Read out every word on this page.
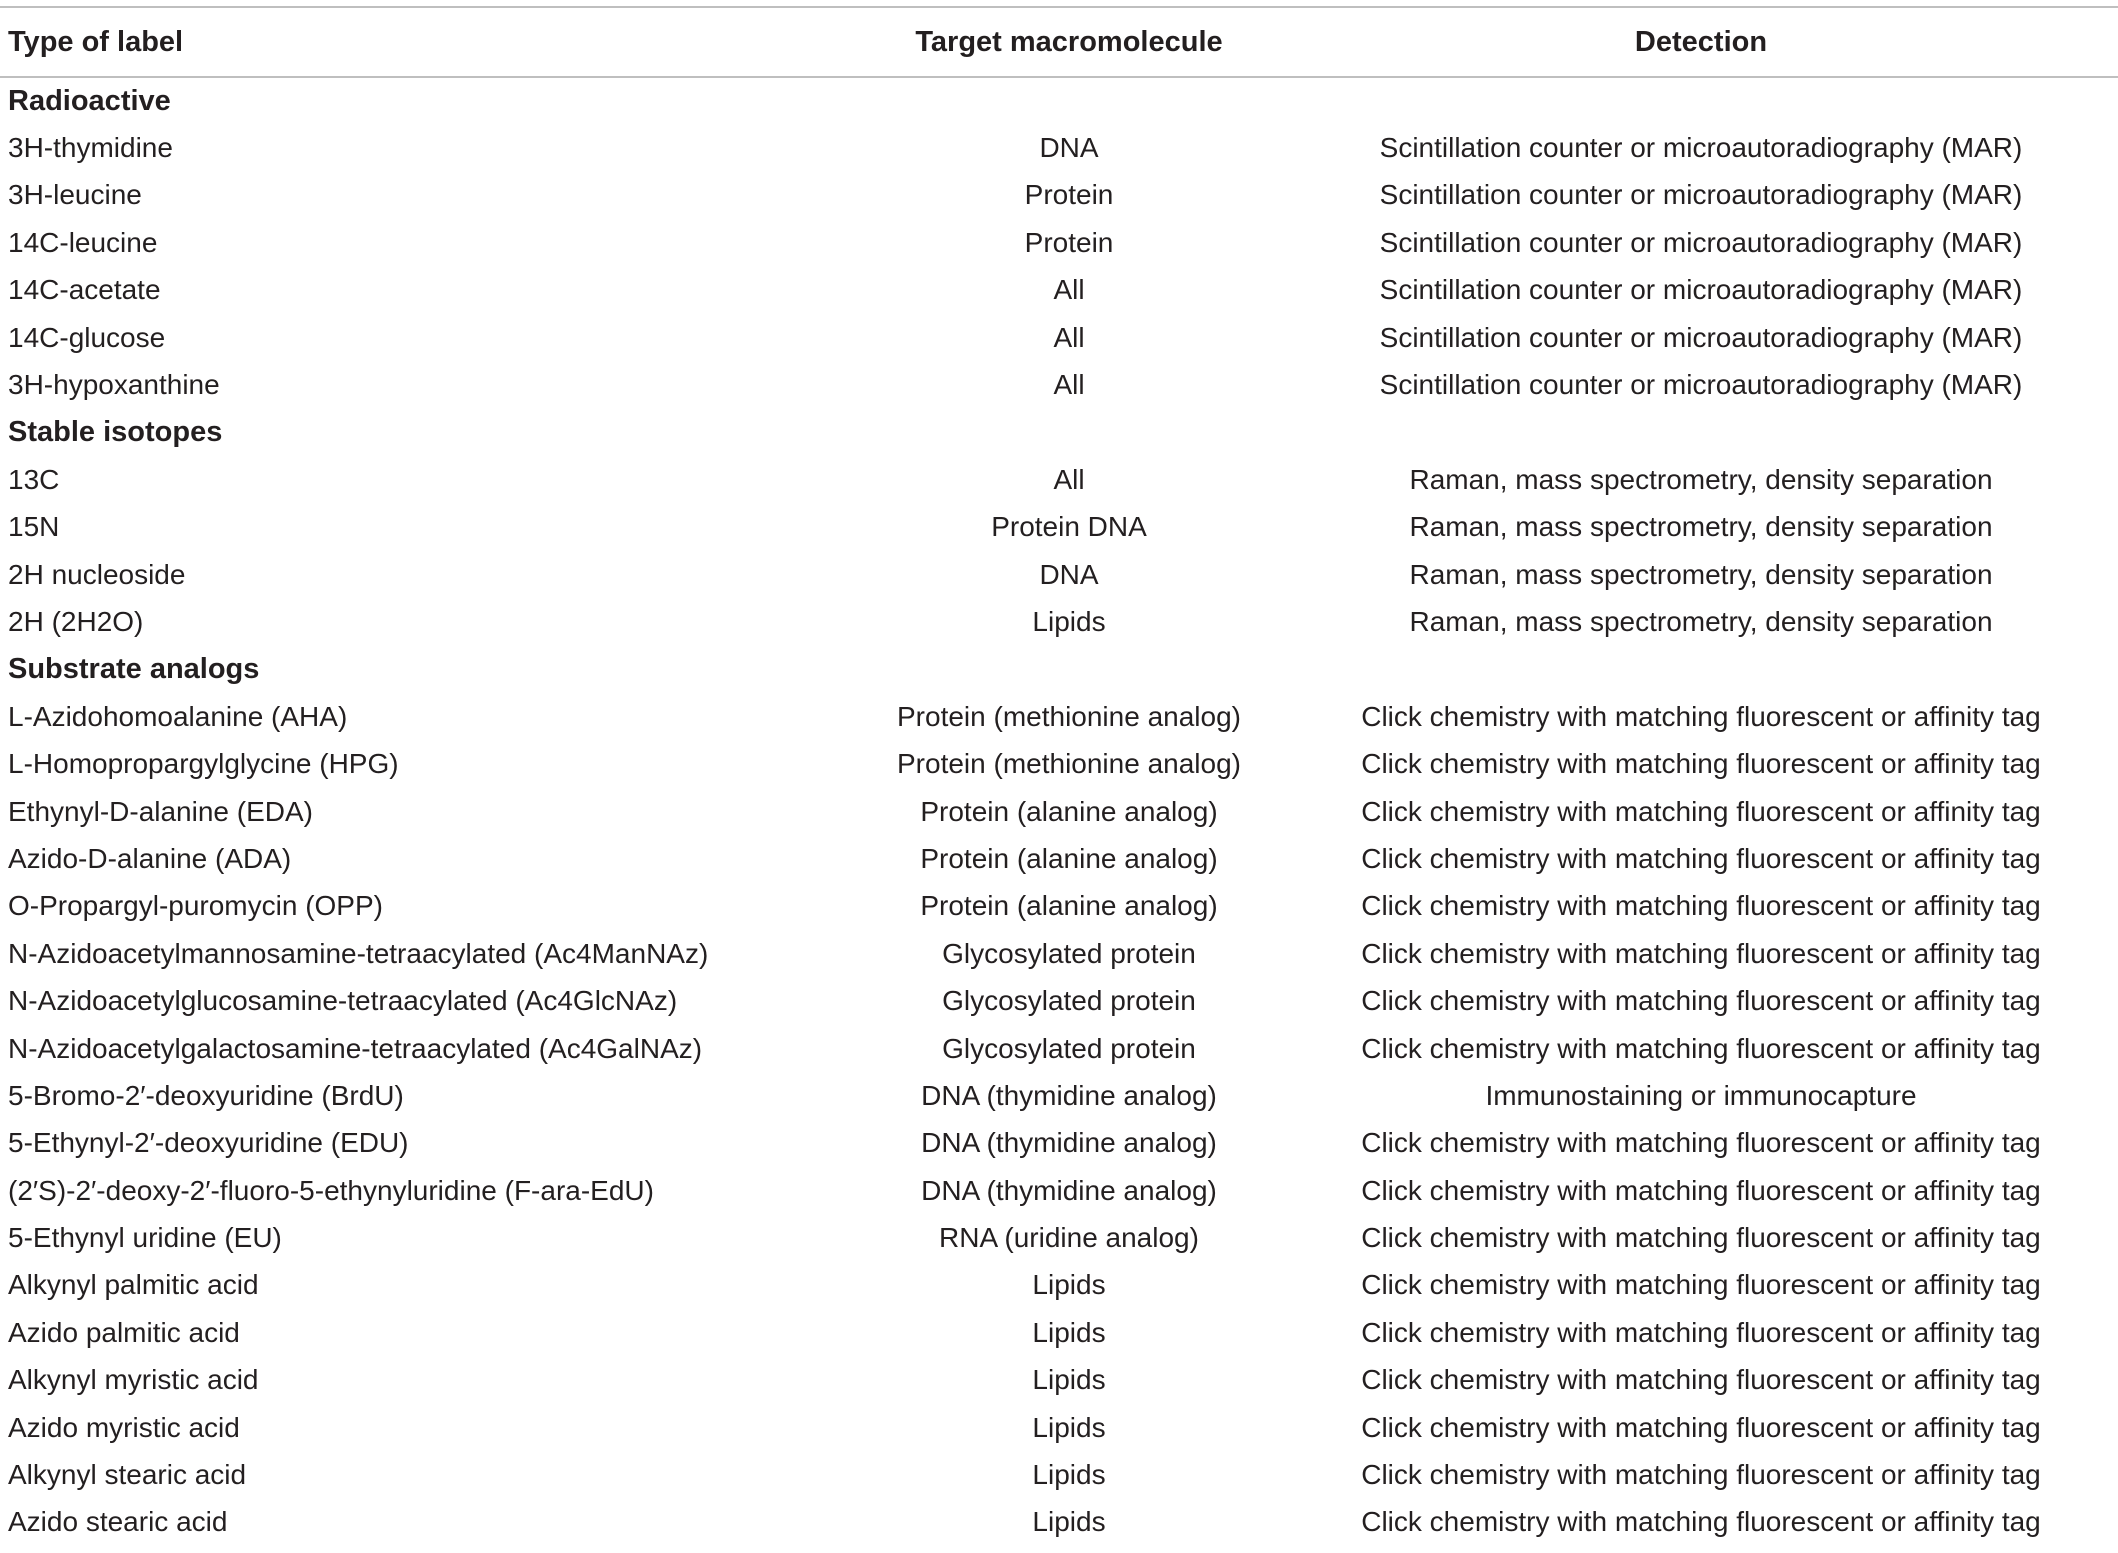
Type of label	Target macromolecule	Detection
Radioactive		
3H-thymidine	DNA	Scintillation counter or microautoradiography (MAR)
3H-leucine	Protein	Scintillation counter or microautoradiography (MAR)
14C-leucine	Protein	Scintillation counter or microautoradiography (MAR)
14C-acetate	All	Scintillation counter or microautoradiography (MAR)
14C-glucose	All	Scintillation counter or microautoradiography (MAR)
3H-hypoxanthine	All	Scintillation counter or microautoradiography (MAR)
Stable isotopes		
13C	All	Raman, mass spectrometry, density separation
15N	Protein DNA	Raman, mass spectrometry, density separation
2H nucleoside	DNA	Raman, mass spectrometry, density separation
2H (2H2O)	Lipids	Raman, mass spectrometry, density separation
Substrate analogs		
L-Azidohomoalanine (AHA)	Protein (methionine analog)	Click chemistry with matching fluorescent or affinity tag
L-Homopropargylglycine (HPG)	Protein (methionine analog)	Click chemistry with matching fluorescent or affinity tag
Ethynyl-D-alanine (EDA)	Protein (alanine analog)	Click chemistry with matching fluorescent or affinity tag
Azido-D-alanine (ADA)	Protein (alanine analog)	Click chemistry with matching fluorescent or affinity tag
O-Propargyl-puromycin (OPP)	Protein (alanine analog)	Click chemistry with matching fluorescent or affinity tag
N-Azidoacetylmannosamine-tetraacylated (Ac4ManNAz)	Glycosylated protein	Click chemistry with matching fluorescent or affinity tag
N-Azidoacetylglucosamine-tetraacylated (Ac4GlcNAz)	Glycosylated protein	Click chemistry with matching fluorescent or affinity tag
N-Azidoacetylgalactosamine-tetraacylated (Ac4GalNAz)	Glycosylated protein	Click chemistry with matching fluorescent or affinity tag
5-Bromo-2′-deoxyuridine (BrdU)	DNA (thymidine analog)	Immunostaining or immunocapture
5-Ethynyl-2′-deoxyuridine (EDU)	DNA (thymidine analog)	Click chemistry with matching fluorescent or affinity tag
(2′S)-2′-deoxy-2′-fluoro-5-ethynyluridine (F-ara-EdU)	DNA (thymidine analog)	Click chemistry with matching fluorescent or affinity tag
5-Ethynyl uridine (EU)	RNA (uridine analog)	Click chemistry with matching fluorescent or affinity tag
Alkynyl palmitic acid	Lipids	Click chemistry with matching fluorescent or affinity tag
Azido palmitic acid	Lipids	Click chemistry with matching fluorescent or affinity tag
Alkynyl myristic acid	Lipids	Click chemistry with matching fluorescent or affinity tag
Azido myristic acid	Lipids	Click chemistry with matching fluorescent or affinity tag
Alkynyl stearic acid	Lipids	Click chemistry with matching fluorescent or affinity tag
Azido stearic acid	Lipids	Click chemistry with matching fluorescent or affinity tag
